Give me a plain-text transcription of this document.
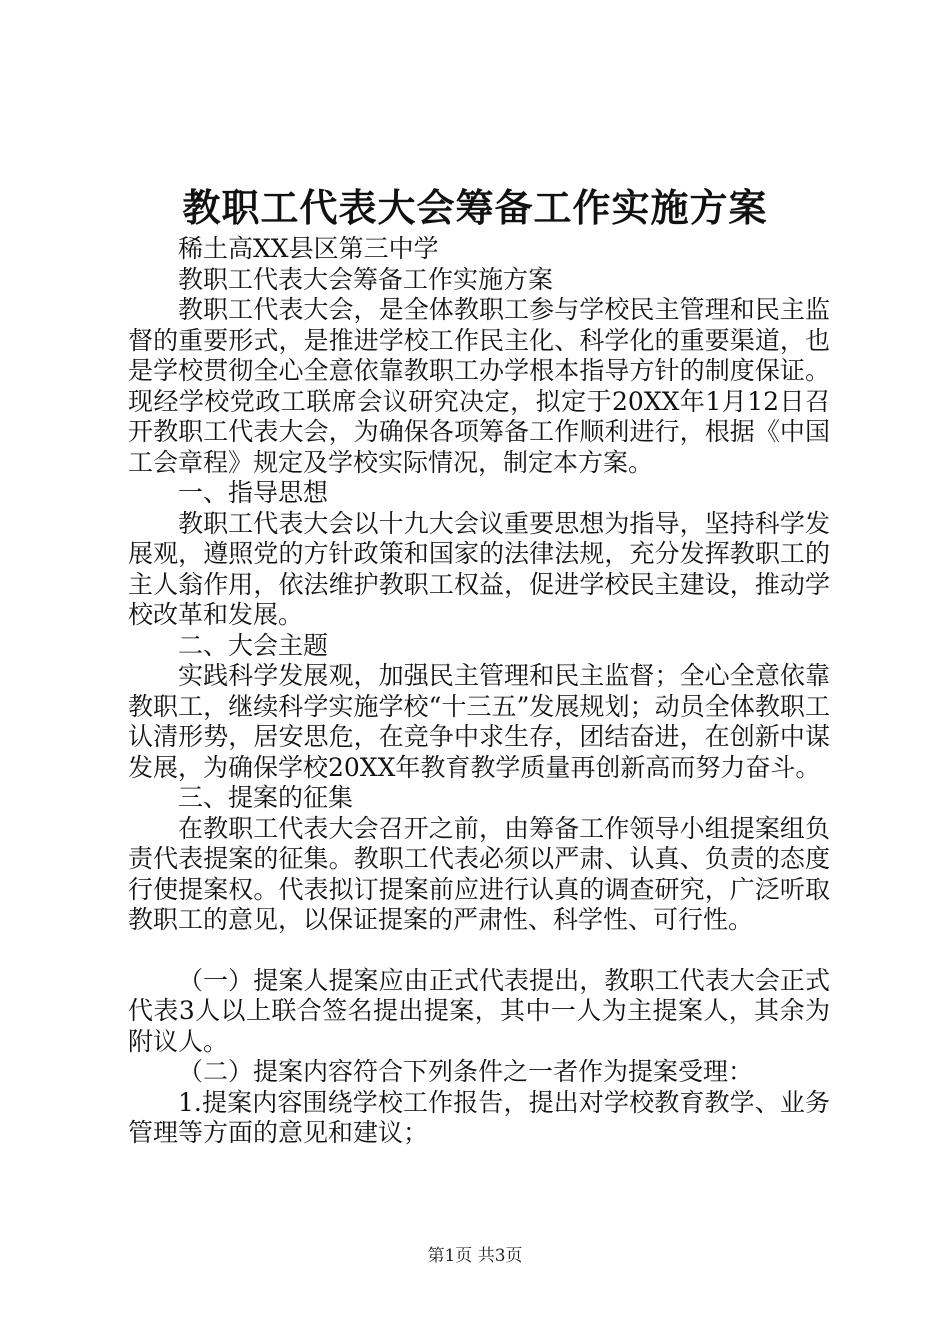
教职工代表大会筹备工作实施方案

稀土高XX县区第三中学

教职工代表大会筹备工作实施方案

教职工代表大会，是全体教职工参与学校民主管理和民主监督的重要形式，是推进学校工作民主化、科学化的重要渠道，也是学校贯彻全心全意依靠教职工办学根本指导方针的制度保证。现经学校党政工联席会议研究决定，拟定于20XX年1月12日召开教职工代表大会，为确保各项筹备工作顺利进行，根据《中国工会章程》规定及学校实际情况，制定本方案。

一、指导思想

教职工代表大会以十九大会议重要思想为指导，坚持科学发展观，遵照党的方针政策和国家的法律法规，充分发挥教职工的主人翁作用，依法维护教职工权益，促进学校民主建设，推动学校改革和发展。

二、大会主题

实践科学发展观，加强民主管理和民主监督；全心全意依靠教职工，继续科学实施学校“十三五”发展规划；动员全体教职工认清形势，居安思危，在竞争中求生存，团结奋进，在创新中谋发展，为确保学校20XX年教育教学质量再创新高而努力奋斗。

三、提案的征集

在教职工代表大会召开之前，由筹备工作领导小组提案组负责代表提案的征集。教职工代表必须以严肃、认真、负责的态度行使提案权。代表拟订提案前应进行认真的调查研究，广泛听取教职工的意见，以保证提案的严肃性、科学性、可行性。

（一）提案人提案应由正式代表提出，教职工代表大会正式代表3人以上联合签名提出提案，其中一人为主提案人，其余为附议人。

（二）提案内容符合下列条件之一者作为提案受理：

1.提案内容围绕学校工作报告，提出对学校教育教学、业务管理等方面的意见和建议；

第1页 共3页
